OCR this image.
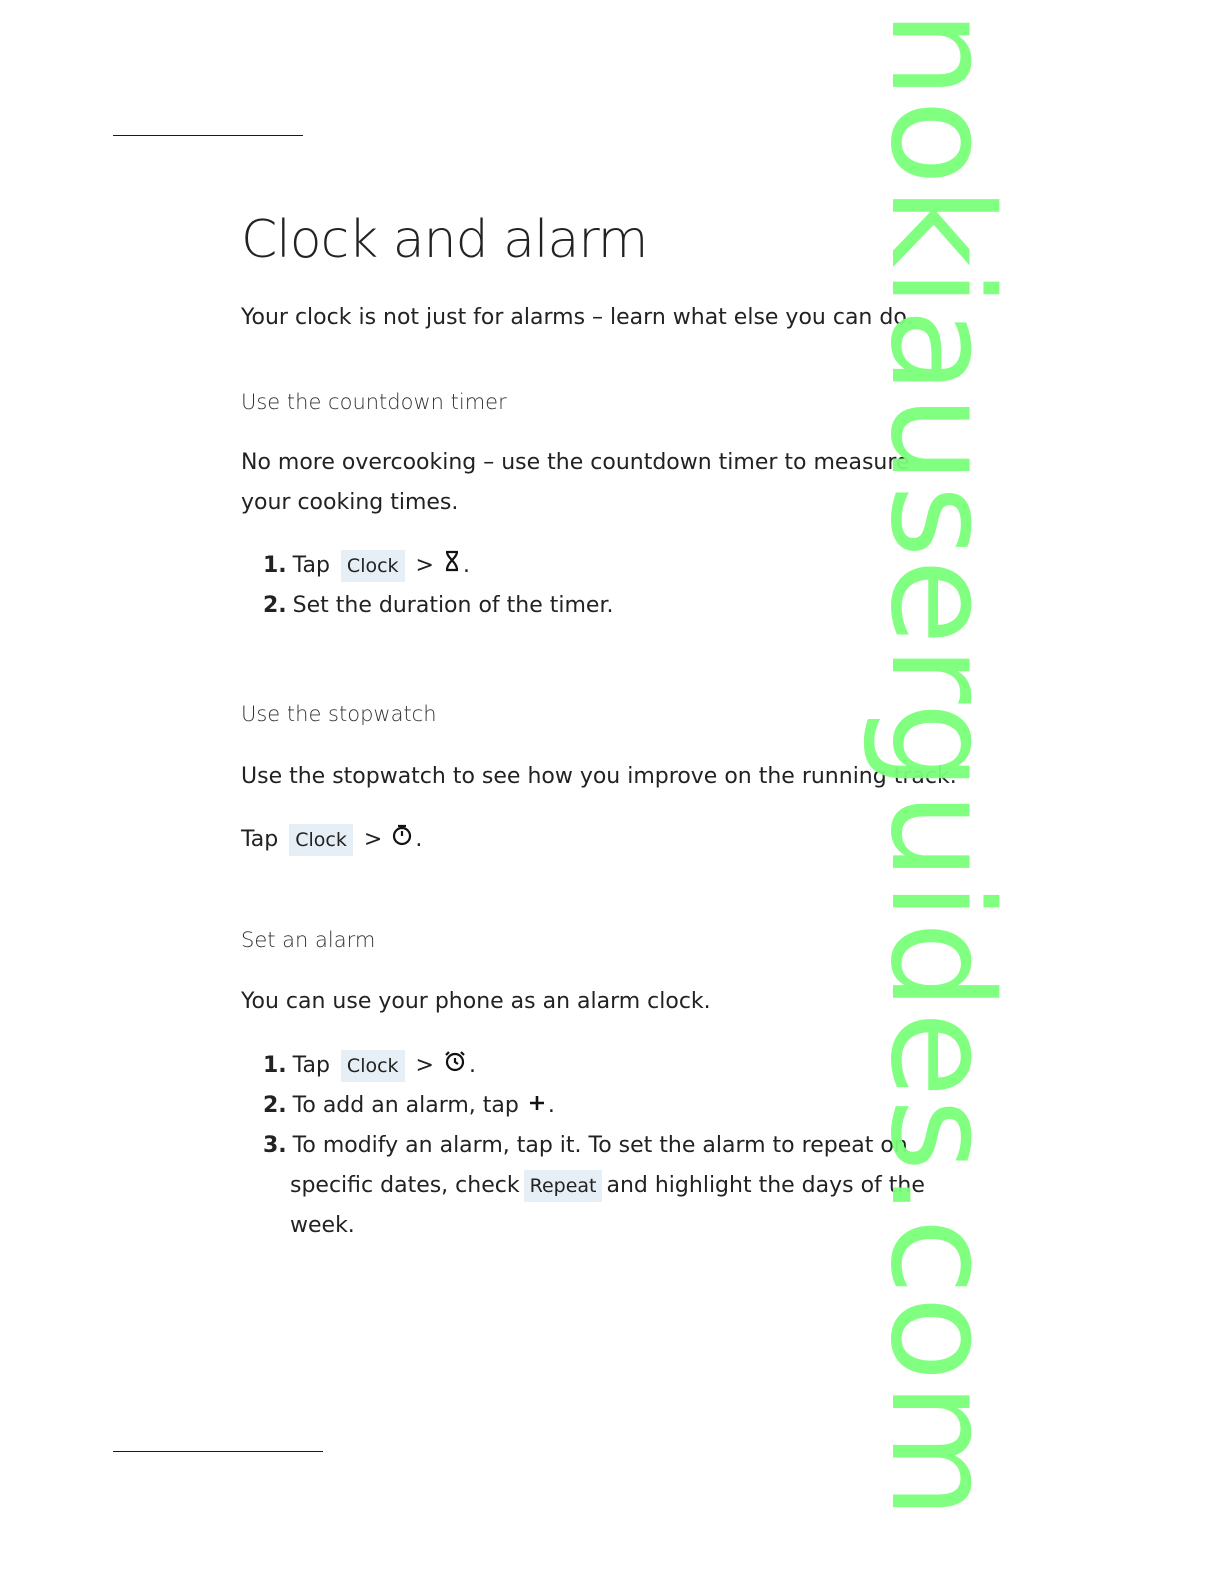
Clock and alarm
Your clock is not just for alarms – learn what else you can do.
Use the countdown timer
No more overcooking – use the countdown timer to measure your cooking times.
1. Tap Clock > .
2. Set the duration of the timer.
Use the stopwatch
Use the stopwatch to see how you improve on the running track.
Tap Clock > .
Set an alarm
You can use your phone as an alarm clock.
1. Tap Clock > .
2. To add an alarm, tap .
3. To modify an alarm, tap it. To set the alarm to repeat on
specific dates, check Repeat and highlight the days of the
week.	nokiauserguides.com
